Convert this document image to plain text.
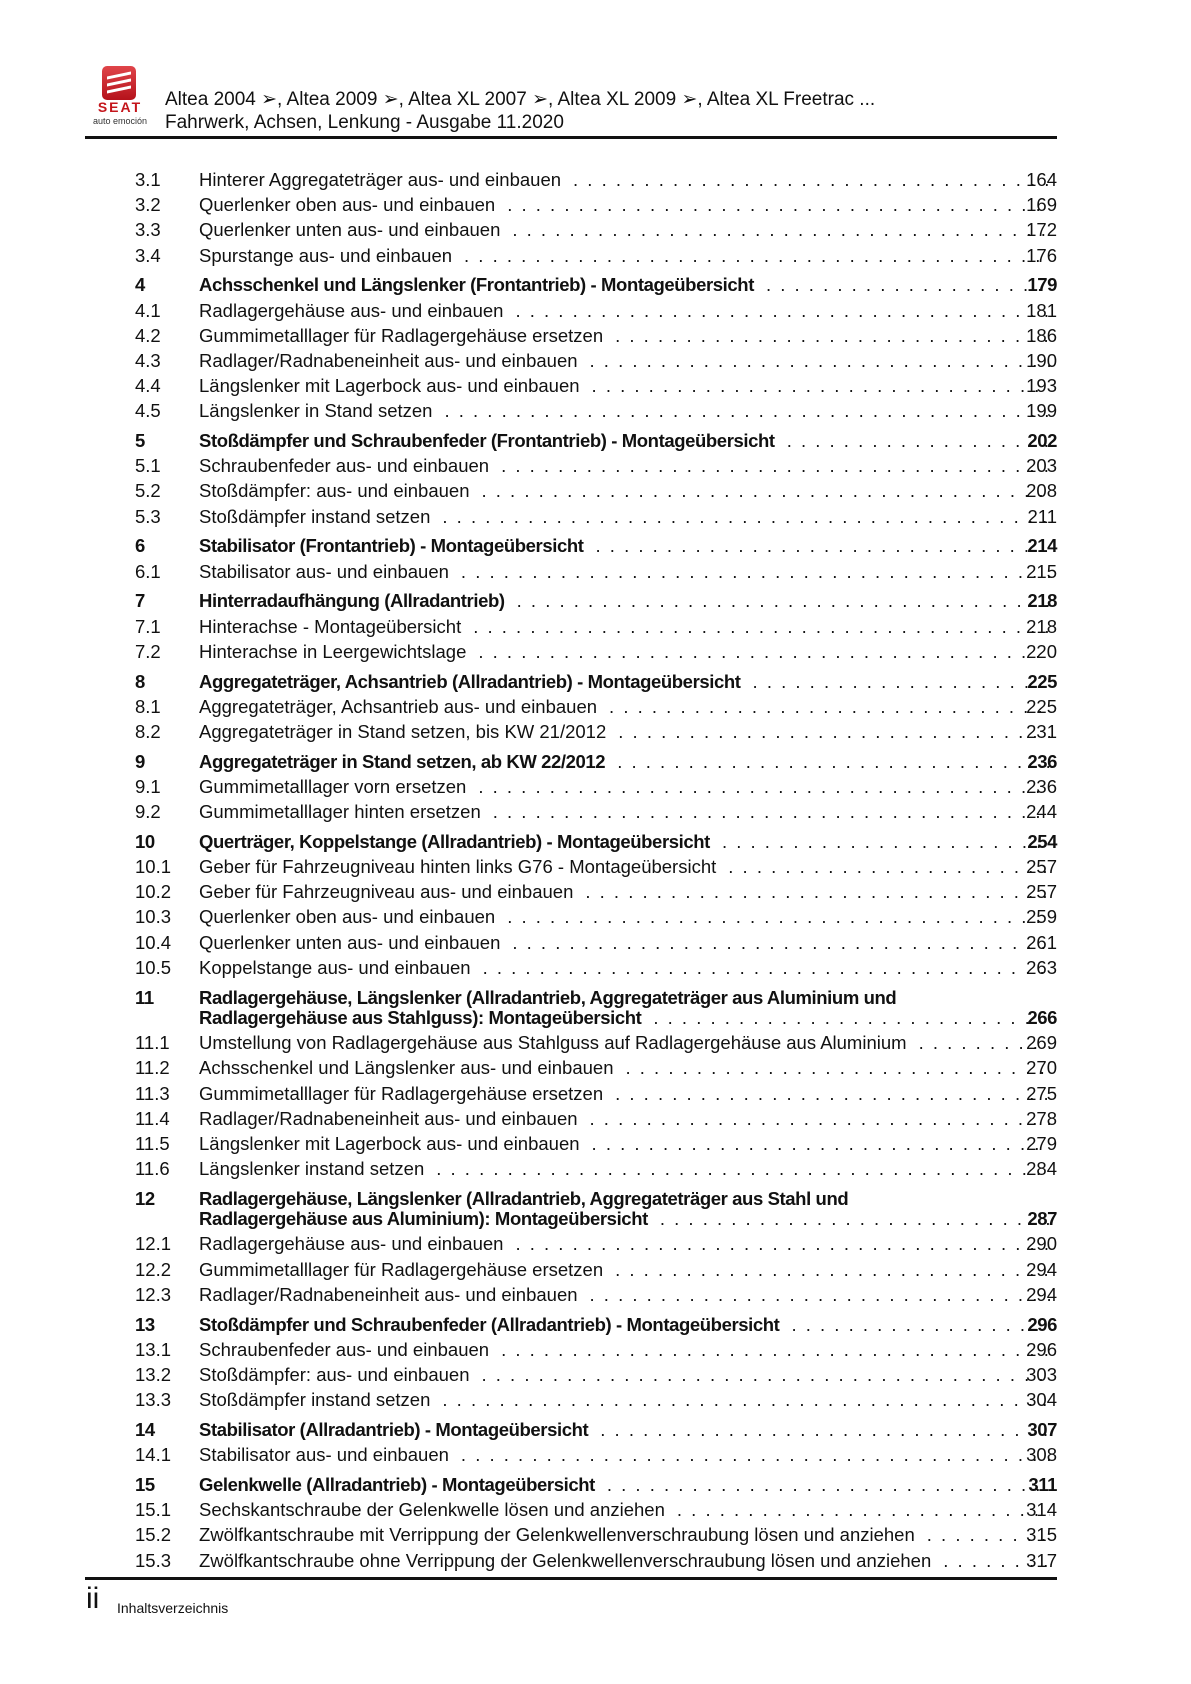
SEAT
auto emoción
Altea 2004 ➢, Altea 2009 ➢, Altea XL 2007 ➢, Altea XL 2009 ➢, Altea XL Freetrac ...
Fahrwerk, Achsen, Lenkung - Ausgabe 11.2020
3.1 Hinterer Aggregateträger aus- und einbauen . . .	164
3.2 Querlenker oben aus- und einbauen . . .	169
3.3 Querlenker unten aus- und einbauen . . .	172
3.4 Spurstange aus- und einbauen . . .	176
4	Achsschenkel und Längslenker (Frontantrieb) - Montageübersicht . . .	179
4.1 Radlagergehäuse aus- und einbauen . . .	181
4.2 Gummimetalllager für Radlagergehäuse ersetzen . . .	186
4.3 Radlager/Radnabeneinheit aus- und einbauen . . .	190
4.4 Längslenker mit Lagerbock aus- und einbauen . . .	193
4.5 Längslenker in Stand setzen . . .	199
5	Stoßdämpfer und Schraubenfeder (Frontantrieb) - Montageübersicht . . .	202
5.1 Schraubenfeder aus- und einbauen . . .	203
5.2 Stoßdämpfer: aus- und einbauen . . .	208
5.3 Stoßdämpfer instand setzen . . .	211
6	Stabilisator (Frontantrieb) - Montageübersicht . . .	214
6.1 Stabilisator aus- und einbauen . . .	215
7	Hinterradaufhängung (Allradantrieb) . . .	218
7.1 Hinterachse - Montageübersicht . . .	218
7.2 Hinterachse in Leergewichtslage . . .	220
8	Aggregateträger, Achsantrieb (Allradantrieb) - Montageübersicht . . .	225
8.1 Aggregateträger, Achsantrieb aus- und einbauen . . .	225
8.2 Aggregateträger in Stand setzen, bis KW 21/2012 . . .	231
9	Aggregateträger in Stand setzen, ab KW 22/2012 . . .	236
9.1 Gummimetalllager vorn ersetzen . . .	236
9.2 Gummimetalllager hinten ersetzen . . .	244
10 Querträger, Koppelstange (Allradantrieb) - Montageübersicht . . .	254
10.1 Geber für Fahrzeugniveau hinten links G76 - Montageübersicht . . .	257
10.2 Geber für Fahrzeugniveau aus- und einbauen . . .	257
10.3 Querlenker oben aus- und einbauen . . .	259
10.4 Querlenker unten aus- und einbauen . . .	261
10.5 Koppelstange aus- und einbauen . . .	263
11 Radlagergehäuse, Längslenker (Allradantrieb, Aggregateträger aus Aluminium und
Radlagergehäuse aus Stahlguss): Montageübersicht . . .	266
11.1 Umstellung von Radlagergehäuse aus Stahlguss auf Radlagergehäuse aus Aluminium . . .	269
11.2 Achsschenkel und Längslenker aus- und einbauen . . .	270
11.3 Gummimetalllager für Radlagergehäuse ersetzen . . .	275
11.4 Radlager/Radnabeneinheit aus- und einbauen . . .	278
11.5 Längslenker mit Lagerbock aus- und einbauen . . .	279
11.6 Längslenker instand setzen . . .	284
12 Radlagergehäuse, Längslenker (Allradantrieb, Aggregateträger aus Stahl und
Radlagergehäuse aus Aluminium): Montageübersicht . . .	287
12.1 Radlagergehäuse aus- und einbauen . . .	290
12.2 Gummimetalllager für Radlagergehäuse ersetzen . . .	294
12.3 Radlager/Radnabeneinheit aus- und einbauen . . .	294
13 Stoßdämpfer und Schraubenfeder (Allradantrieb) - Montageübersicht . . .	296
13.1 Schraubenfeder aus- und einbauen . . .	296
13.2 Stoßdämpfer: aus- und einbauen . . .	303
13.3 Stoßdämpfer instand setzen . . .	304
14 Stabilisator (Allradantrieb) - Montageübersicht . . .	307
14.1 Stabilisator aus- und einbauen . . .	308
15 Gelenkwelle (Allradantrieb) - Montageübersicht . . .	311
15.1 Sechskantschraube der Gelenkwelle lösen und anziehen . . .	314
15.2 Zwölfkantschraube mit Verrippung der Gelenkwellenverschraubung lösen und anziehen . . .	315
15.3 Zwölfkantschraube ohne Verrippung der Gelenkwellenverschraubung lösen und anziehen . . .	317
ii Inhaltsverzeichnis
